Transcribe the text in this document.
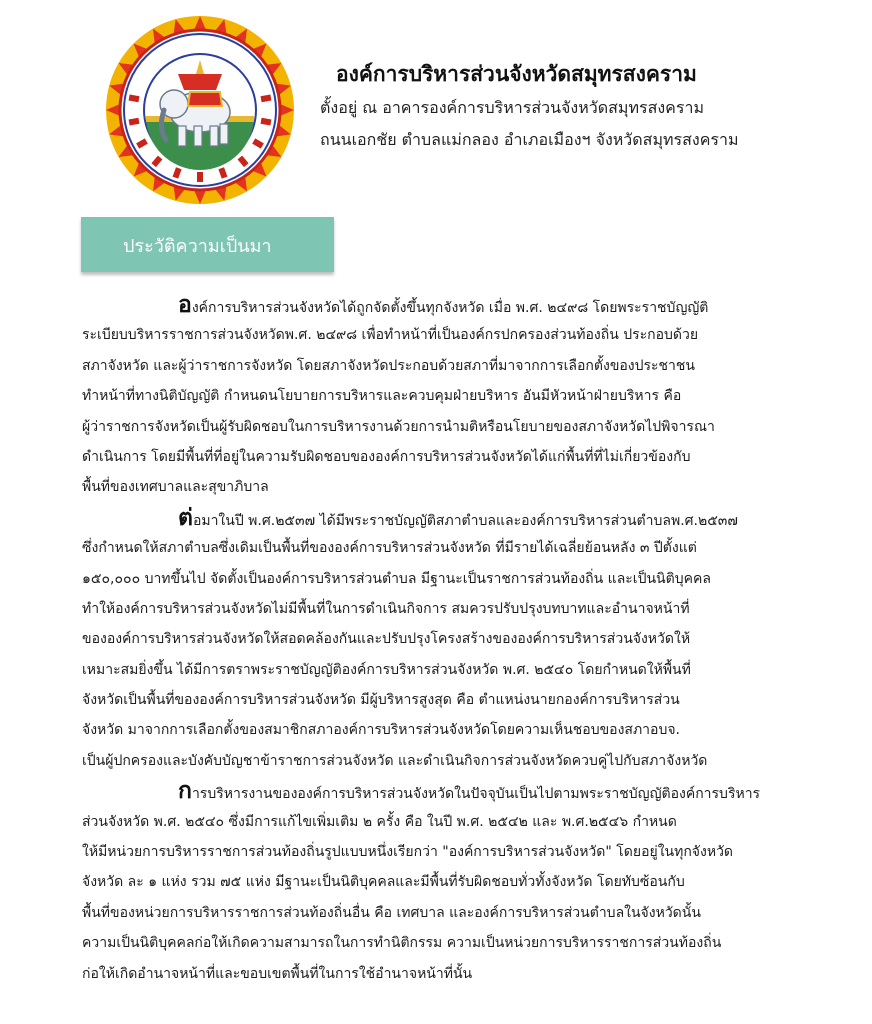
องค์การบริหารส่วนจังหวัดสมุทรสงคราม
ตั้งอยู่ ณ อาคารองค์การบริหารส่วนจังหวัดสมุทรสงคราม
ถนนเอกชัย ตำบลแม่กลอง อำเภอเมืองฯ จังหวัดสมุทรสงคราม
ประวัติความเป็นมา
องค์การบริหารส่วนจังหวัดได้ถูกจัดตั้งขึ้นทุกจังหวัด เมื่อ พ.ศ. ๒๔๙๘ โดยพระราชบัญญัติ
ระเบียบบริหารราชการส่วนจังหวัดพ.ศ. ๒๔๙๘ เพื่อทำหน้าที่เป็นองค์กรปกครองส่วนท้องถิ่น ประกอบด้วย
สภาจังหวัด และผู้ว่าราชการจังหวัด โดยสภาจังหวัดประกอบด้วยสภาที่มาจากการเลือกตั้งของประชาชน
ทำหน้าที่ทางนิติบัญญัติ กำหนดนโยบายการบริหารและควบคุมฝ่ายบริหาร อันมีหัวหน้าฝ่ายบริหาร คือ
ผู้ว่าราชการจังหวัดเป็นผู้รับผิดชอบในการบริหารงานด้วยการนำมติหรือนโยบายของสภาจังหวัดไปพิจารณา
ดำเนินการ โดยมีพื้นที่ที่อยู่ในความรับผิดชอบขององค์การบริหารส่วนจังหวัดได้แก่พื้นที่ที่ไม่เกี่ยวข้องกับ
พื้นที่ของเทศบาลและสุขาภิบาล
ต่อมาในปี พ.ศ.๒๕๓๗ ได้มีพระราชบัญญัติสภาตำบลและองค์การบริหารส่วนตำบลพ.ศ.๒๕๓๗
ซึ่งกำหนดให้สภาตำบลซึ่งเดิมเป็นพื้นที่ขององค์การบริหารส่วนจังหวัด ที่มีรายได้เฉลี่ยย้อนหลัง ๓ ปีตั้งแต่
๑๕๐,๐๐๐ บาทขึ้นไป จัดตั้งเป็นองค์การบริหารส่วนตำบล มีฐานะเป็นราชการส่วนท้องถิ่น และเป็นนิติบุคคล
ทำให้องค์การบริหารส่วนจังหวัดไม่มีพื้นที่ในการดำเนินกิจการ สมควรปรับปรุงบทบาทและอำนาจหน้าที่
ขององค์การบริหารส่วนจังหวัดให้สอดคล้องกันและปรับปรุงโครงสร้างขององค์การบริหารส่วนจังหวัดให้
เหมาะสมยิ่งขึ้น ได้มีการตราพระราชบัญญัติองค์การบริหารส่วนจังหวัด พ.ศ. ๒๕๔๐ โดยกำหนดให้พื้นที่
จังหวัดเป็นพื้นที่ขององค์การบริหารส่วนจังหวัด มีผู้บริหารสูงสุด คือ ตำแหน่งนายกองค์การบริหารส่วน
จังหวัด มาจากการเลือกตั้งของสมาชิกสภาองค์การบริหารส่วนจังหวัดโดยความเห็นชอบของสภาอบจ.
เป็นผู้ปกครองและบังคับบัญชาข้าราชการส่วนจังหวัด และดำเนินกิจการส่วนจังหวัดควบคู่ไปกับสภาจังหวัด
การบริหารงานขององค์การบริหารส่วนจังหวัดในปัจจุบันเป็นไปตามพระราชบัญญัติองค์การบริหาร
ส่วนจังหวัด พ.ศ. ๒๕๔๐ ซึ่งมีการแก้ไขเพิ่มเติม ๒ ครั้ง คือ ในปี พ.ศ. ๒๕๔๒ และ พ.ศ.๒๕๔๖ กำหนด
ให้มีหน่วยการบริหารราชการส่วนท้องถิ่นรูปแบบหนึ่งเรียกว่า "องค์การบริหารส่วนจังหวัด" โดยอยู่ในทุกจังหวัด
จังหวัด ละ ๑ แห่ง รวม ๗๕ แห่ง มีฐานะเป็นนิติบุคคลและมีพื้นที่รับผิดชอบทั่วทั้งจังหวัด โดยทับซ้อนกับ
พื้นที่ของหน่วยการบริหารราชการส่วนท้องถิ่นอื่น คือ เทศบาล และองค์การบริหารส่วนตำบลในจังหวัดนั้น
ความเป็นนิติบุคคลก่อให้เกิดความสามารถในการทำนิติกรรม ความเป็นหน่วยการบริหารราชการส่วนท้องถิ่น
ก่อให้เกิดอำนาจหน้าที่และขอบเขตพื้นที่ในการใช้อำนาจหน้าที่นั้น
